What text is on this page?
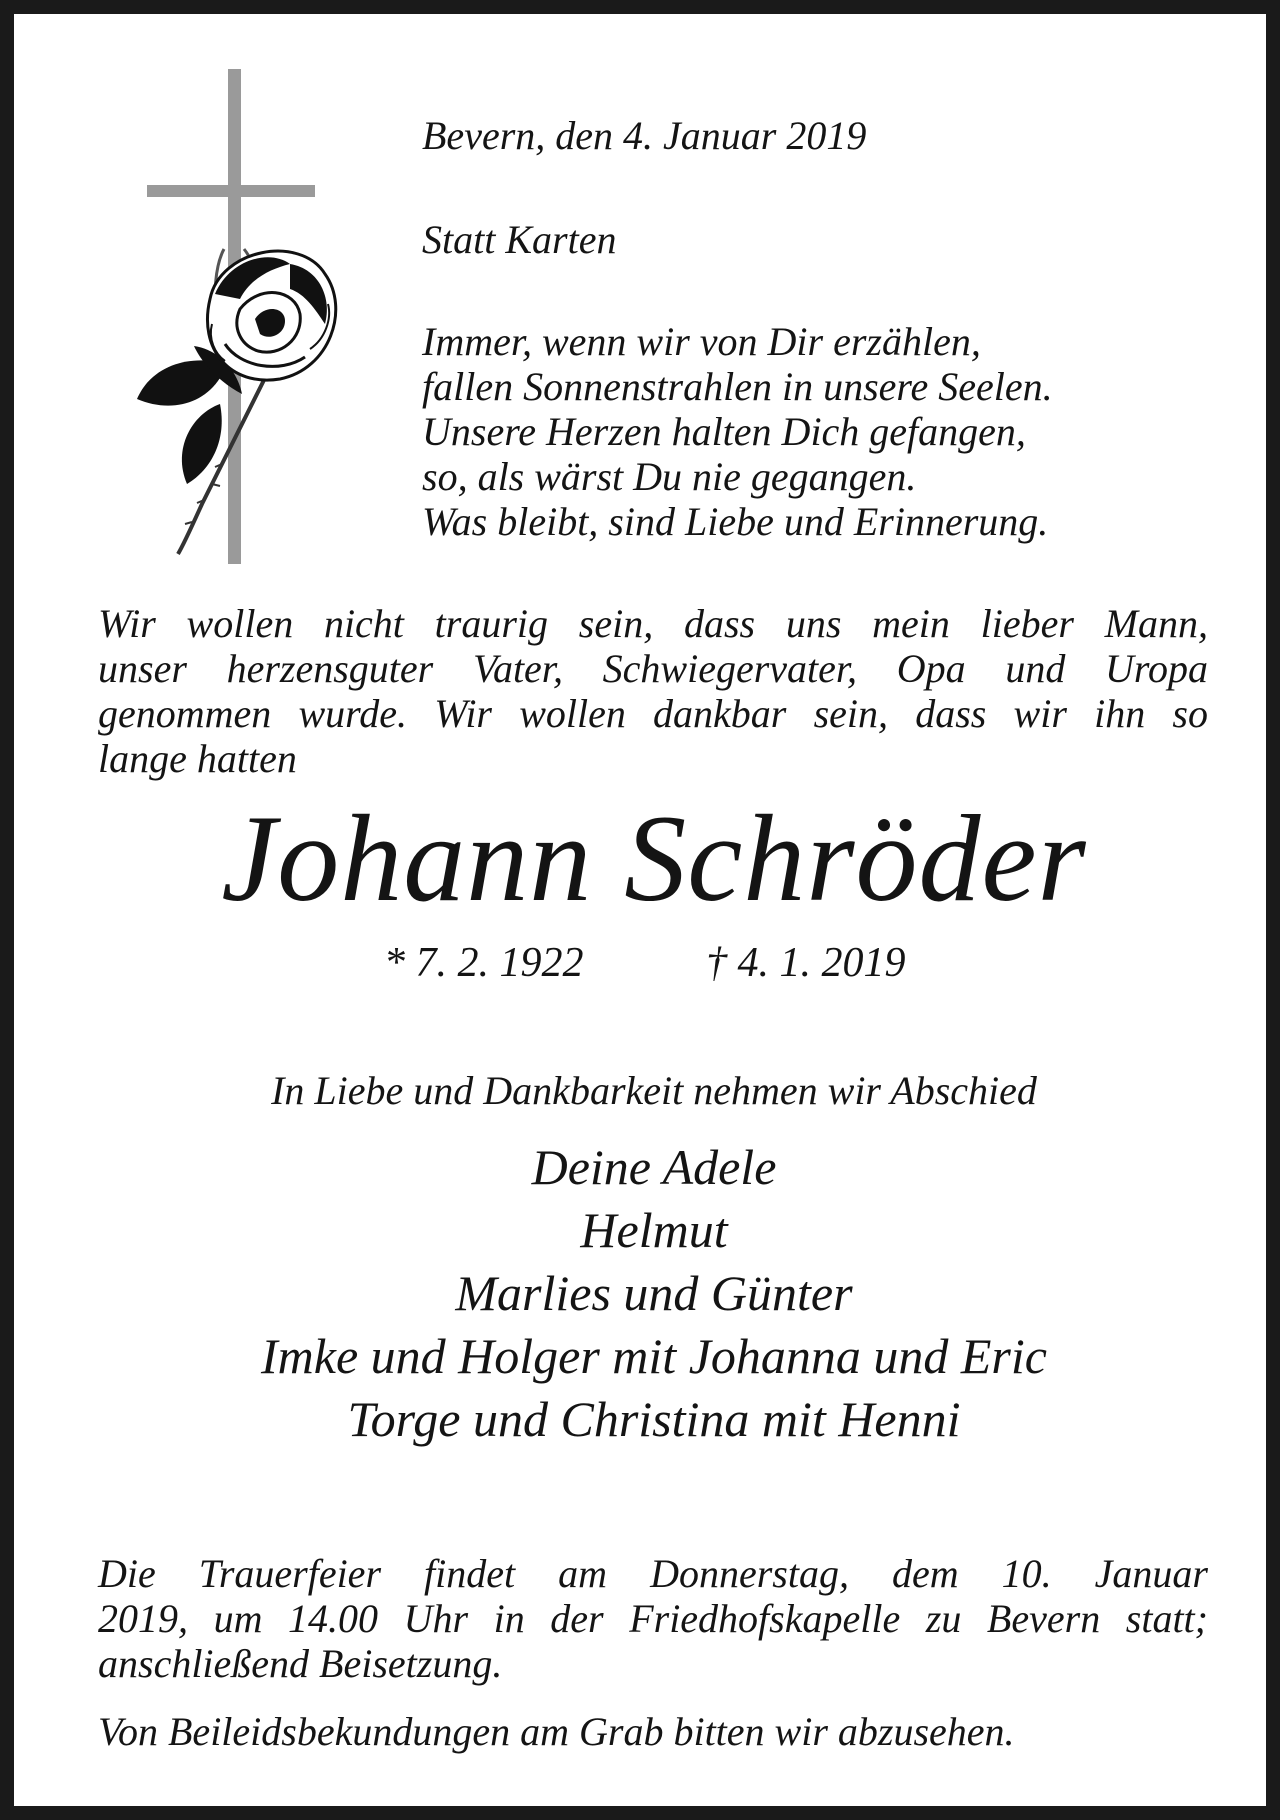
Bevern, den 4. Januar 2019

Statt Karten

Immer, wenn wir von Dir erzählen,
fallen Sonnenstrahlen in unsere Seelen.
Unsere Herzen halten Dich gefangen,
so, als wärst Du nie gegangen.
Was bleibt, sind Liebe und Erinnerung.
Wir wollen nicht traurig sein, dass uns mein lieber Mann,
unser herzensguter Vater, Schwiegervater, Opa und Uropa
genommen wurde. Wir wollen dankbar sein, dass wir ihn so
lange hatten
Johann Schröder
* 7. 2. 1922	† 4. 1. 2019
In Liebe und Dankbarkeit nehmen wir Abschied
Deine Adele
Helmut
Marlies und Günter
Imke und Holger mit Johanna und Eric
Torge und Christina mit Henni
Die Trauerfeier findet am Donnerstag, dem 10. Januar
2019, um 14.00 Uhr in der Friedhofskapelle zu Bevern statt;
anschließend Beisetzung.
Von Beileidsbekundungen am Grab bitten wir abzusehen.
